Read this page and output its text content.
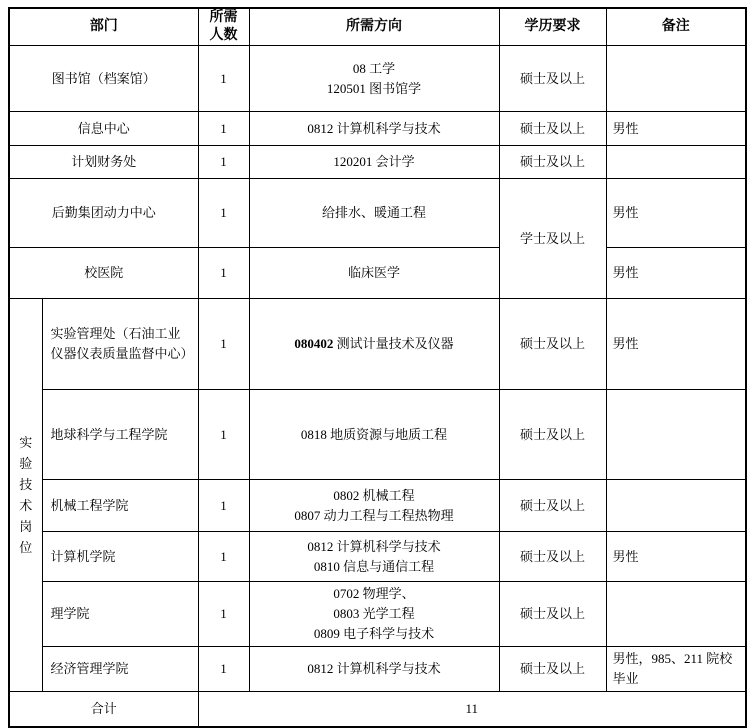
部门		所需
人数	所需方向	学历要求	备注
图书馆（档案馆）		1	08 工学
120501 图书馆学	硕士及以上	
信息中心		1	0812 计算机科学与技术	硕士及以上	男性
计划财务处		1	120201 会计学	硕士及以上	
后勤集团动力中心		1	给排水、暖通工程	学士及以上	男性
校医院		1	临床医学		男性

实验技术岗位	实验管理处（石油工业仪器仪表质量监督中心）	1	080402 测试计量技术及仪器	硕士及以上	男性
	地球科学与工程学院	1	0818 地质资源与地质工程	硕士及以上	
	机械工程学院	1	0802 机械工程
0807 动力工程与工程热物理	硕士及以上	
	计算机学院	1	0812 计算机科学与技术
0810 信息与通信工程	硕士及以上	男性
	理学院	1	0702 物理学、
0803 光学工程
0809 电子科学与技术	硕士及以上	
	经济管理学院	1	0812 计算机科学与技术	硕士及以上	男性，985、211 院校毕业
合计		11			
